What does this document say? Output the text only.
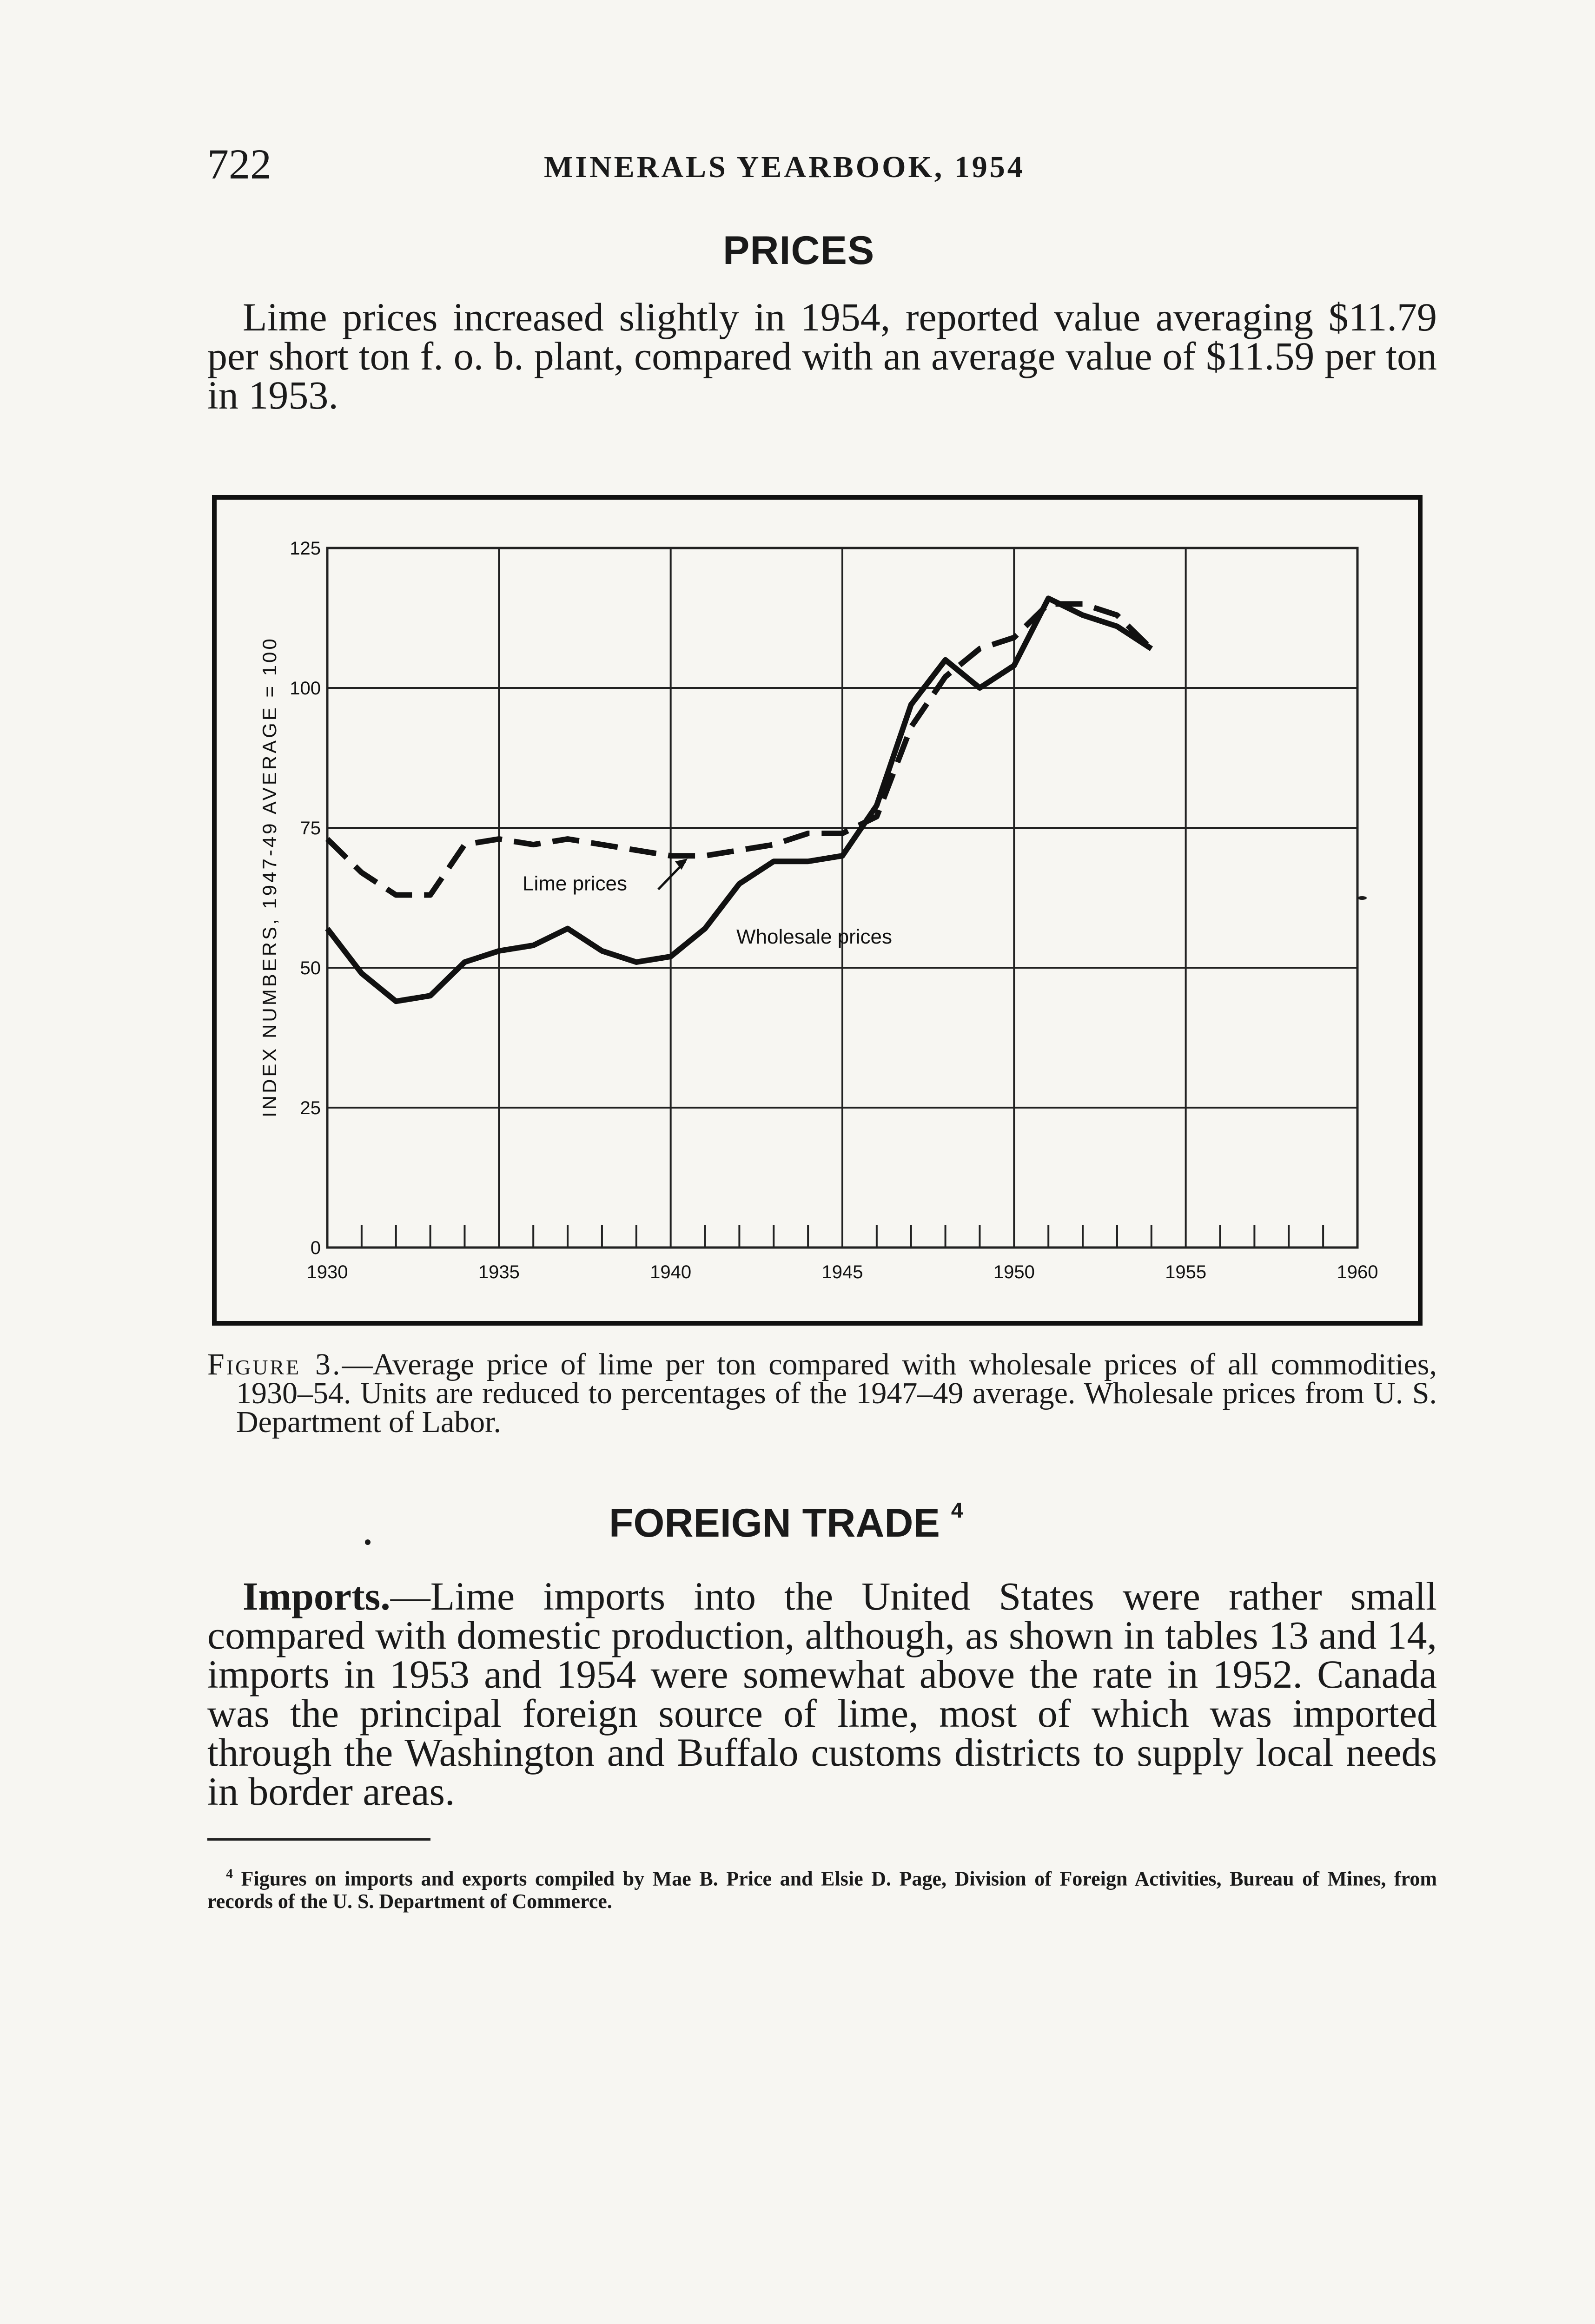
722	MINERALS YEARBOOK, 1954
PRICES
Lime prices increased slightly in 1954, reported value averaging $11.79 per short ton f. o. b. plant, compared with an average value of $11.59 per ton in 1953.
1930	1935	1940	1945	1950	1955	1960
0
25
50
75
100
125
INDEX NUMBERS, 1947-49 AVERAGE = 100	Lime prices
Wholesale prices
Figure 3.—Average price of lime per ton compared with wholesale prices of all commodities, 1930–54. Units are reduced to percentages of the 1947–49 average. Wholesale prices from U. S. Department of Labor.
FOREIGN TRADE $^4$
Imports.—Lime imports into the United States were rather small compared with domestic production, although, as shown in tables 13 and 14, imports in 1953 and 1954 were somewhat above the rate in 1952. Canada was the principal foreign source of lime, most of which was imported through the Washington and Buffalo customs districts to supply local needs in border areas.
$^4$ Figures on imports and exports compiled by Mae B. Price and Elsie D. Page, Division of Foreign Activities, Bureau of Mines, from records of the U. S. Department of Commerce.
